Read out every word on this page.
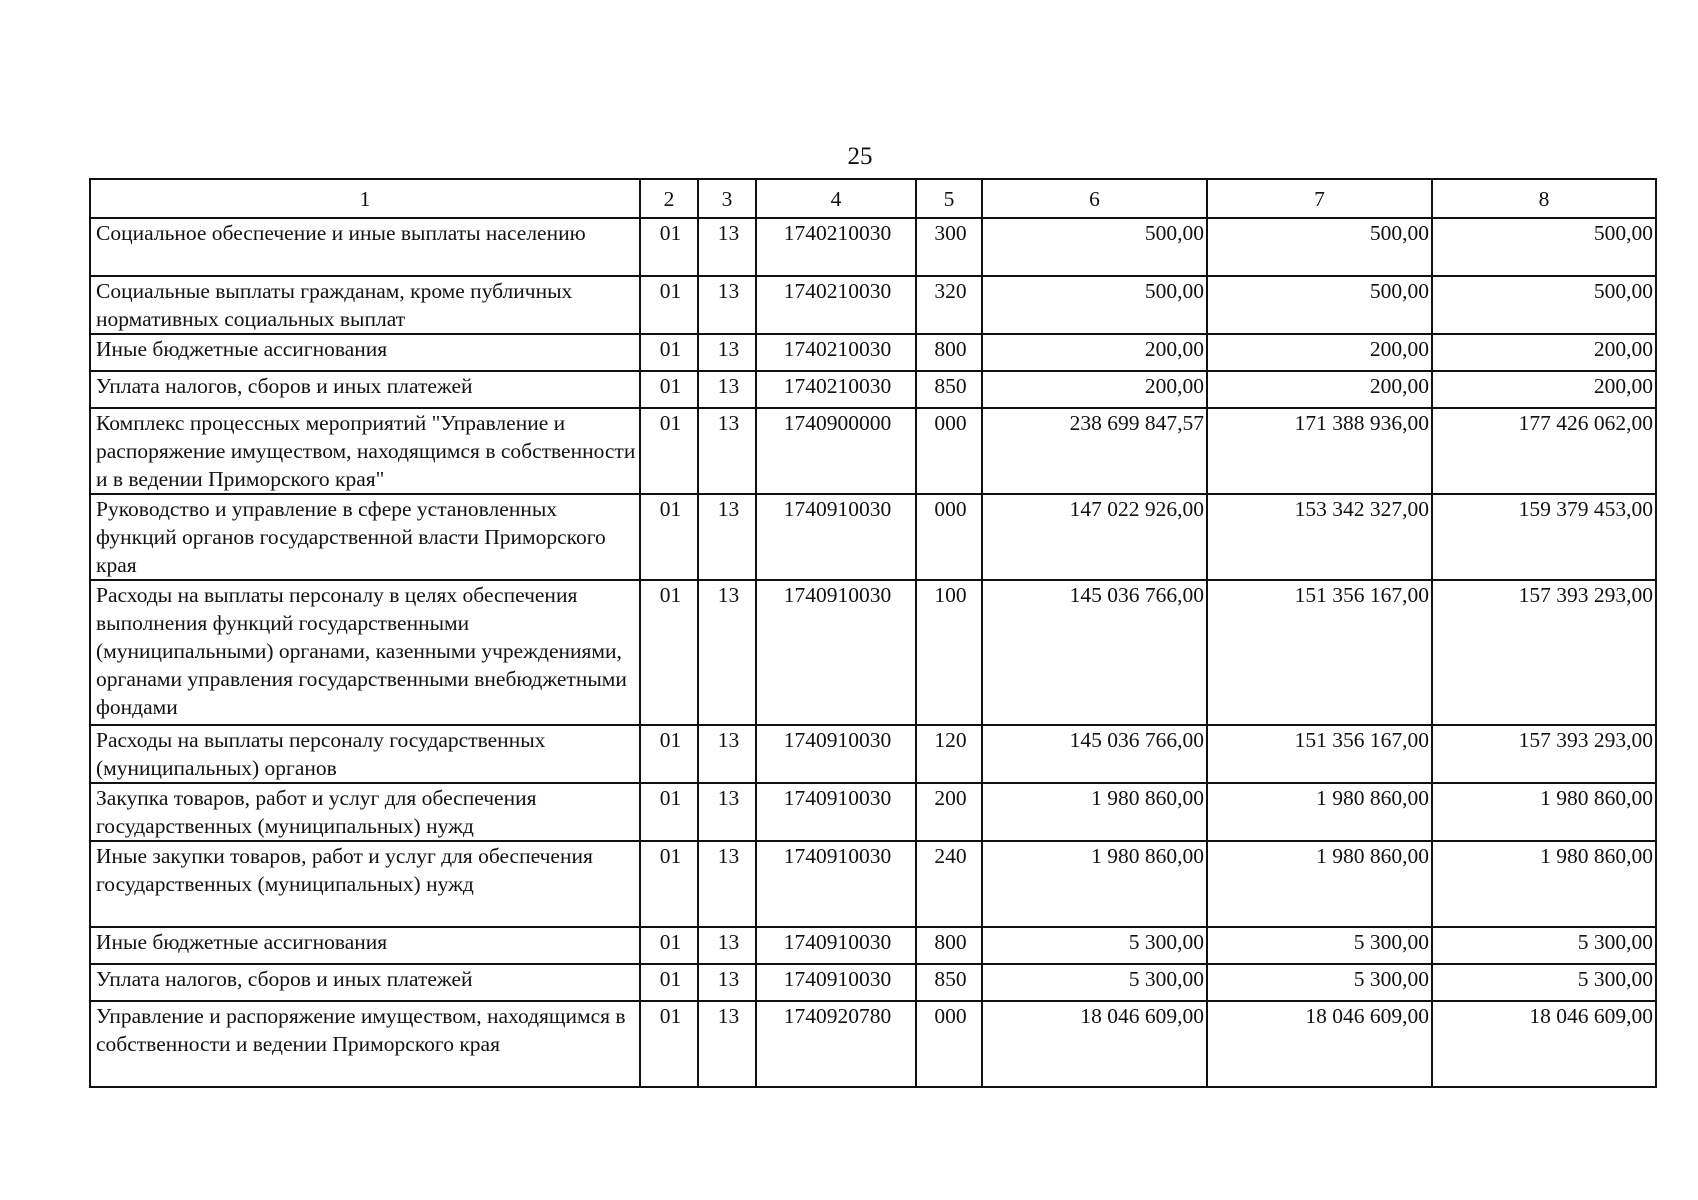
25
1	2	3	4	5	6	7	8
Социальное обеспечение и иные выплаты населению	01	13	1740210030	300	500,00	500,00	500,00
Социальные выплаты гражданам, кроме публичных нормативных социальных выплат	01	13	1740210030	320	500,00	500,00	500,00
Иные бюджетные ассигнования	01	13	1740210030	800	200,00	200,00	200,00
Уплата налогов, сборов и иных платежей	01	13	1740210030	850	200,00	200,00	200,00
Комплекс процессных мероприятий "Управление и распоряжение имуществом, находящимся в собственности и в ведении Приморского края"	01	13	1740900000	000	238 699 847,57	171 388 936,00	177 426 062,00
Руководство и управление в сфере установленных функций органов государственной власти Приморского края	01	13	1740910030	000	147 022 926,00	153 342 327,00	159 379 453,00
Расходы на выплаты персоналу в целях обеспечения выполнения функций государственными (муниципальными) органами, казенными учреждениями, органами управления государственными внебюджетными фондами	01	13	1740910030	100	145 036 766,00	151 356 167,00	157 393 293,00
Расходы на выплаты персоналу государственных (муниципальных) органов	01	13	1740910030	120	145 036 766,00	151 356 167,00	157 393 293,00
Закупка товаров, работ и услуг для обеспечения государственных (муниципальных) нужд	01	13	1740910030	200	1 980 860,00	1 980 860,00	1 980 860,00
Иные закупки товаров, работ и услуг для обеспечения государственных (муниципальных) нужд	01	13	1740910030	240	1 980 860,00	1 980 860,00	1 980 860,00
Иные бюджетные ассигнования	01	13	1740910030	800	5 300,00	5 300,00	5 300,00
Уплата налогов, сборов и иных платежей	01	13	1740910030	850	5 300,00	5 300,00	5 300,00
Управление и распоряжение имуществом, находящимся в собственности и ведении Приморского края	01	13	1740920780	000	18 046 609,00	18 046 609,00	18 046 609,00
